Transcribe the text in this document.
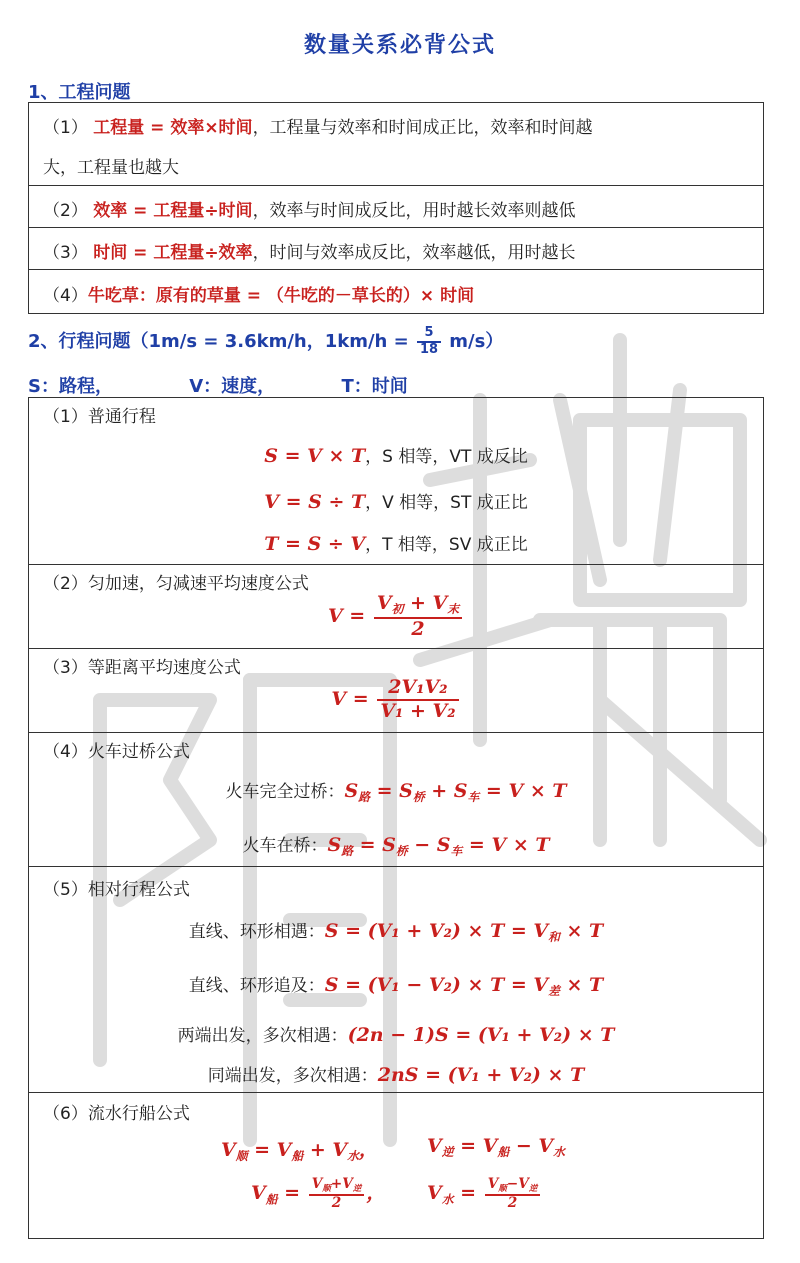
数量关系必背公式
1、工程问题
（1） 工程量 = 效率×时间，工程量与效率和时间成正比，效率和时间越
大，工程量也越大
（2） 效率 = 工程量÷时间，效率与时间成反比，用时越长效率则越低
（3） 时间 = 工程量÷效率，时间与效率成反比，效率越低，用时越长
（4）牛吃草：原有的草量 = （牛吃的－草长的）× 时间
2、行程问题（1m/s = 3.6km/h，$1km/h = \frac{5}{18} m/s$）
S：路程，	V：速度，	T：时间
（1）普通行程
S = V × T，S 相等，VT 成反比
V = S ÷ T，V 相等，ST 成正比
T = S ÷ V，T 相等，SV 成正比
（2）匀加速，匀减速平均速度公式
$V = \frac{V_初 + V_末}{2}$
（3）等距离平均速度公式
$V = \frac{\text{2V₁V₂}}{\text{V₁ + V₂}}$
（4）火车过桥公式
火车完全过桥：$S_路 = S_桥 + S_车 = V \times T$
火车在桥：$S_路 = S_桥 - S_车 = V \times T$
（5）相对行程公式
直线、环形相遇：$S = (V_1 + V_2) \times T = V_和 \times T$
直线、环形追及：$S = (V_1 - V_2) \times T = V_差 \times T$
两端出发，多次相遇：(2n − 1)S = (V₁ + V₂) × T
同端出发，多次相遇：2nS = (V₁ + V₂) × T
（6）流水行船公式
$V_顺 = V_船 + V_水$，	$V_逆 = V_船 - V_水$
$V_船 = \frac{V_顺+V_逆}{2}$ ， $V_水 = \frac{V_顺-V_逆}{2}$
